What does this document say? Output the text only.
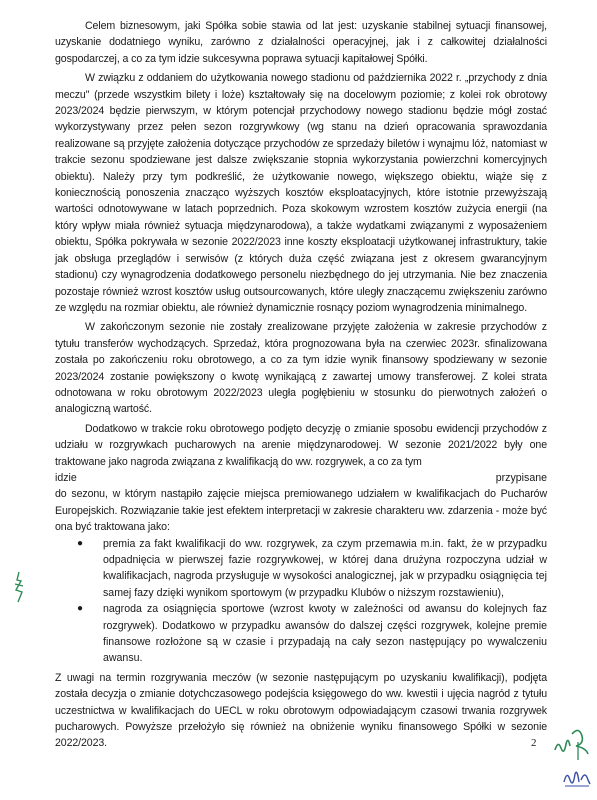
Celem biznesowym, jaki Spółka sobie stawia od lat jest: uzyskanie stabilnej sytuacji finansowej, uzyskanie dodatniego wyniku, zarówno z działalności operacyjnej, jak i z całkowitej działalności gospodarczej, a co za tym idzie sukcesywna poprawa sytuacji kapitałowej Spółki.

W związku z oddaniem do użytkowania nowego stadionu od października 2022 r. „przychody z dnia meczu" (przede wszystkim bilety i loże) kształtowały się na docelowym poziomie; z kolei rok obrotowy 2023/2024 będzie pierwszym, w którym potencjał przychodowy nowego stadionu będzie mógł zostać wykorzystywany przez pełen sezon rozgrywkowy (wg stanu na dzień opracowania sprawozdania realizowane są przyjęte założenia dotyczące przychodów ze sprzedaży biletów i wynajmu lóż, natomiast w trakcie sezonu spodziewane jest dalsze zwiększanie stopnia wykorzystania powierzchni komercyjnych obiektu). Należy przy tym podkreślić, że użytkowanie nowego, większego obiektu, wiąże się z koniecznością ponoszenia znacząco wyższych kosztów eksploatacyjnych, które istotnie przewyższają wartości odnotowywane w latach poprzednich. Poza skokowym wzrostem kosztów zużycia energii (na który wpływ miała również sytuacja międzynarodowa), a także wydatkami związanymi z wyposażeniem obiektu, Spółka pokrywała w sezonie 2022/2023 inne koszty eksploatacji użytkowanej infrastruktury, takie jak obsługa przeglądów i serwisów (z których duża część związana jest z okresem gwarancyjnym stadionu) czy wynagrodzenia dodatkowego personelu niezbędnego do jej utrzymania. Nie bez znaczenia pozostaje również wzrost kosztów usług outsourcowanych, które uległy znaczącemu zwiększeniu zarówno ze względu na rozmiar obiektu, ale również dynamicznie rosnący poziom wynagrodzenia minimalnego.

W zakończonym sezonie nie zostały zrealizowane przyjęte założenia w zakresie przychodów z tytułu transferów wychodzących. Sprzedaż, która prognozowana była na czerwiec 2023r. sfinalizowana została po zakończeniu roku obrotowego, a co za tym idzie wynik finansowy spodziewany w sezonie 2023/2024 zostanie powiększony o kwotę wynikającą z zawartej umowy transferowej. Z kolei strata odnotowana w roku obrotowym 2022/2023 uległa pogłębieniu w stosunku do pierwotnych założeń o analogiczną wartość.

Dodatkowo w trakcie roku obrotowego podjęto decyzję o zmianie sposobu ewidencji przychodów z udziału w rozgrywkach pucharowych na arenie międzynarodowej. W sezonie 2021/2022 były one traktowane jako nagroda związana z kwalifikacją do ww. rozgrywek, a co za tym

idzie	przypisane

do sezonu, w którym nastąpiło zajęcie miejsca premiowanego udziałem w kwalifikacjach do Pucharów Europejskich. Rozwiązanie takie jest efektem interpretacji w zakresie charakteru ww. zdarzenia - może być ona być traktowana jako:

● premia za fakt kwalifikacji do ww. rozgrywek, za czym przemawia m.in. fakt, że w przypadku odpadnięcia w pierwszej fazie rozgrywkowej, w której dana drużyna rozpoczyna udział w kwalifikacjach, nagroda przysługuje w wysokości analogicznej, jak w przypadku osiągnięcia tej samej fazy dzięki wynikom sportowym (w przypadku Klubów o niższym rozstawieniu),
● nagroda za osiągnięcia sportowe (wzrost kwoty w zależności od awansu do kolejnych faz rozgrywek). Dodatkowo w przypadku awansów do dalszej części rozgrywek, kolejne premie finansowe rozłożone są w czasie i przypadają na cały sezon następujący po wywalczeniu awansu.

Z uwagi na termin rozgrywania meczów (w sezonie następującym po uzyskaniu kwalifikacji), podjęta została decyzja o zmianie dotychczasowego podejścia księgowego do ww. kwestii i ujęcia nagród z tytułu uczestnictwa w kwalifikacjach do UECL w roku obrotowym odpowiadającym czasowi trwania rozgrywek pucharowych. Powyższe przełożyło się również na obniżenie wyniku finansowego Spółki w sezonie 2022/2023.	2
